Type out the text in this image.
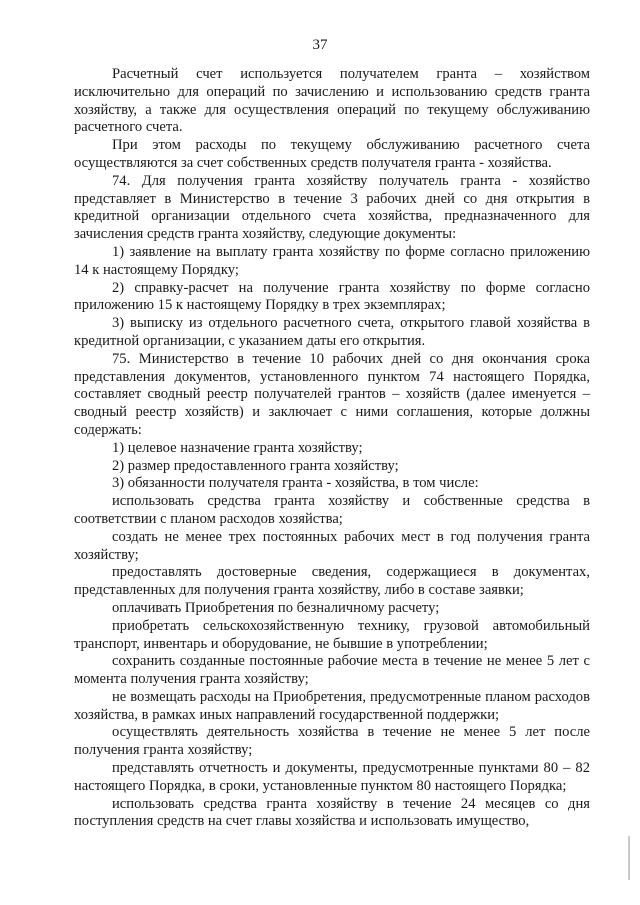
37

Расчетный счет используется получателем гранта – хозяйством исключительно для операций по зачислению и использованию средств гранта хозяйству, а также для осуществления операций по текущему обслуживанию расчетного счета.

При этом расходы по текущему обслуживанию расчетного счета осуществляются за счет собственных средств получателя гранта - хозяйства.

74. Для получения гранта хозяйству получатель гранта - хозяйство представляет в Министерство в течение 3 рабочих дней со дня открытия в кредитной организации отдельного счета хозяйства, предназначенного для зачисления средств гранта хозяйству, следующие документы:

1) заявление на выплату гранта хозяйству по форме согласно приложению 14 к настоящему Порядку;

2) справку-расчет на получение гранта хозяйству по форме согласно приложению 15 к настоящему Порядку в трех экземплярах;

3) выписку из отдельного расчетного счета, открытого главой хозяйства в кредитной организации, с указанием даты его открытия.

75. Министерство в течение 10 рабочих дней со дня окончания срока представления документов, установленного пунктом 74 настоящего Порядка, составляет сводный реестр получателей грантов – хозяйств (далее именуется – сводный реестр хозяйств) и заключает с ними соглашения, которые должны содержать:

1) целевое назначение гранта хозяйству;

2) размер предоставленного гранта хозяйству;

3) обязанности получателя гранта - хозяйства, в том числе:

использовать средства гранта хозяйству и собственные средства в соответствии с планом расходов хозяйства;

создать не менее трех постоянных рабочих мест в год получения гранта хозяйству;

предоставлять достоверные сведения, содержащиеся в документах, представленных для получения гранта хозяйству, либо в составе заявки;

оплачивать Приобретения по безналичному расчету;

приобретать сельскохозяйственную технику, грузовой автомобильный транспорт, инвентарь и оборудование, не бывшие в употреблении;

сохранить созданные постоянные рабочие места в течение не менее 5 лет с момента получения гранта хозяйству;

не возмещать расходы на Приобретения, предусмотренные планом расходов хозяйства, в рамках иных направлений государственной поддержки;

осуществлять деятельность хозяйства в течение не менее 5 лет после получения гранта хозяйству;

представлять отчетность и документы, предусмотренные пунктами 80 – 82 настоящего Порядка, в сроки, установленные пунктом 80 настоящего Порядка;

использовать средства гранта хозяйству в течение 24 месяцев со дня поступления средств на счет главы хозяйства и использовать имущество,
